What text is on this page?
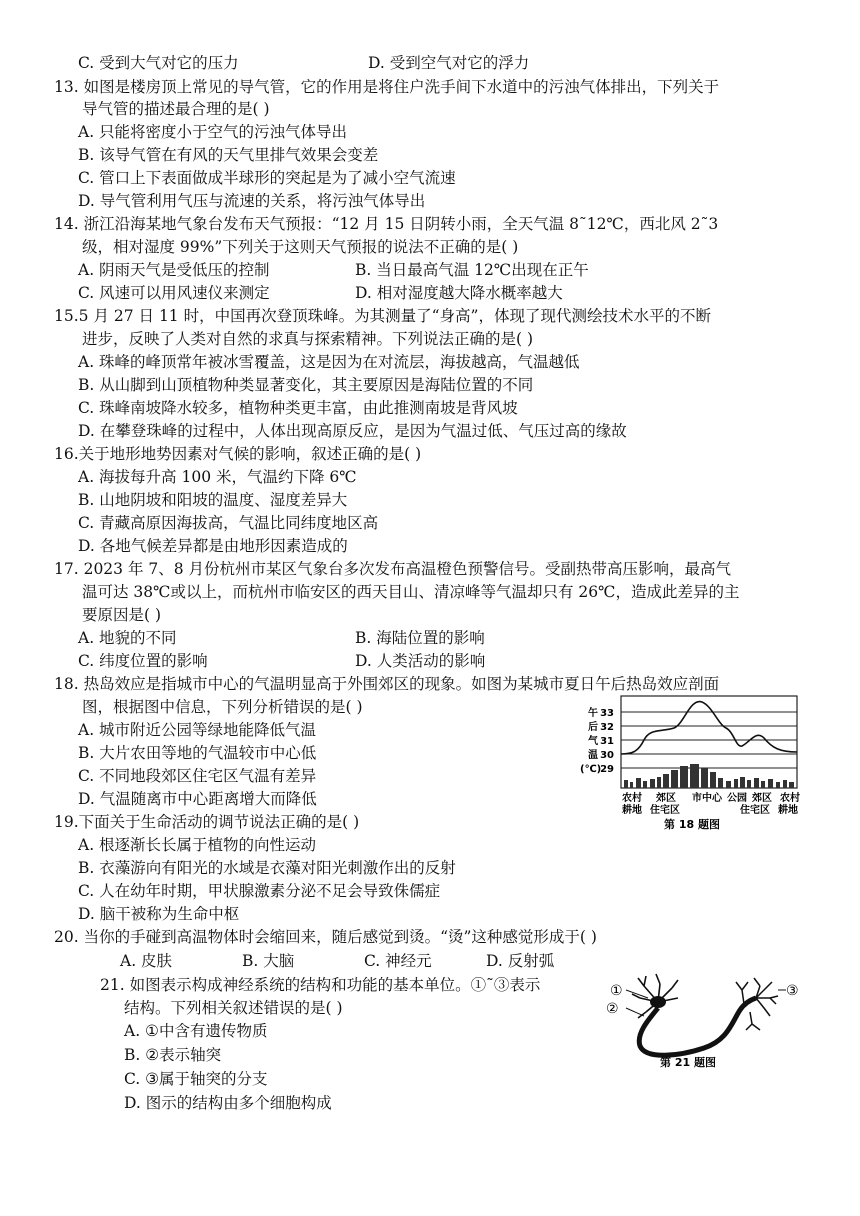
C. 受到大气对它的压力	D. 受到空气对它的浮力
13. 如图是楼房顶上常见的导气管，它的作用是将住户洗手间下水道中的污浊气体排出，下列关于
导气管的描述最合理的是( )
A. 只能将密度小于空气的污浊气体导出
B. 该导气管在有风的天气里排气效果会变差
C. 管口上下表面做成半球形的突起是为了减小空气流速
D. 导气管利用气压与流速的关系，将污浊气体导出
14. 浙江沿海某地气象台发布天气预报：“12 月 15 日阴转小雨，全天气温 8˜12℃，西北风 2˜3
级，相对湿度 99%”下列关于这则天气预报的说法不正确的是( )
A. 阴雨天气是受低压的控制	B. 当日最高气温 12℃出现在正午
C. 风速可以用风速仪来测定	D. 相对湿度越大降水概率越大
15.5 月 27 日 11 时，中国再次登顶珠峰。为其测量了“身高”，体现了现代测绘技术水平的不断
进步，反映了人类对自然的求真与探索精神。下列说法正确的是( )
A. 珠峰的峰顶常年被冰雪覆盖，这是因为在对流层，海拔越高，气温越低
B. 从山脚到山顶植物种类显著变化，其主要原因是海陆位置的不同
C. 珠峰南坡降水较多，植物种类更丰富，由此推测南坡是背风坡
D. 在攀登珠峰的过程中，人体出现高原反应，是因为气温过低、气压过高的缘故
16.关于地形地势因素对气候的影响，叙述正确的是( )
A. 海拔每升高 100 米，气温约下降 6℃
B. 山地阴坡和阳坡的温度、湿度差异大
C. 青藏高原因海拔高，气温比同纬度地区高
D. 各地气候差异都是由地形因素造成的
17. 2023 年 7、8 月份杭州市某区气象台多次发布高温橙色预警信号。受副热带高压影响，最高气
温可达 38℃或以上，而杭州市临安区的西天目山、清凉峰等气温却只有 26℃，造成此差异的主
要原因是( )
A. 地貌的不同	B. 海陆位置的影响
C. 纬度位置的影响	D. 人类活动的影响
18. 热岛效应是指城市中心的气温明显高于外围郊区的现象。如图为某城市夏日午后热岛效应剖面
图，根据图中信息，下列分析错误的是( )
A. 城市附近公园等绿地能降低气温
B. 大片农田等地的气温较市中心低
C. 不同地段郊区住宅区气温有差异
D. 气温随离市中心距离增大而降低
33
32
31
30
29
午
后
气
温
(℃)
农村
耕地
郊区
住宅区
市中心 公园 郊区
住宅区
农村
耕地
第 18 题图
19.下面关于生命活动的调节说法正确的是( )
A. 根逐渐长长属于植物的向性运动
B. 衣藻游向有阳光的水域是衣藻对阳光刺激作出的反射
C. 人在幼年时期，甲状腺激素分泌不足会导致侏儒症
D. 脑干被称为生命中枢
20. 当你的手碰到高温物体时会缩回来，随后感觉到烫。“烫”这种感觉形成于( )
A. 皮肤	B. 大脑	C. 神经元	D. 反射弧
21. 如图表示构成神经系统的结构和功能的基本单位。①˜③表示
结构。下列相关叙述错误的是( )
A. ①中含有遗传物质
B. ②表示轴突
C. ③属于轴突的分支
D. 图示的结构由多个细胞构成
①
②
③
第 21 题图
